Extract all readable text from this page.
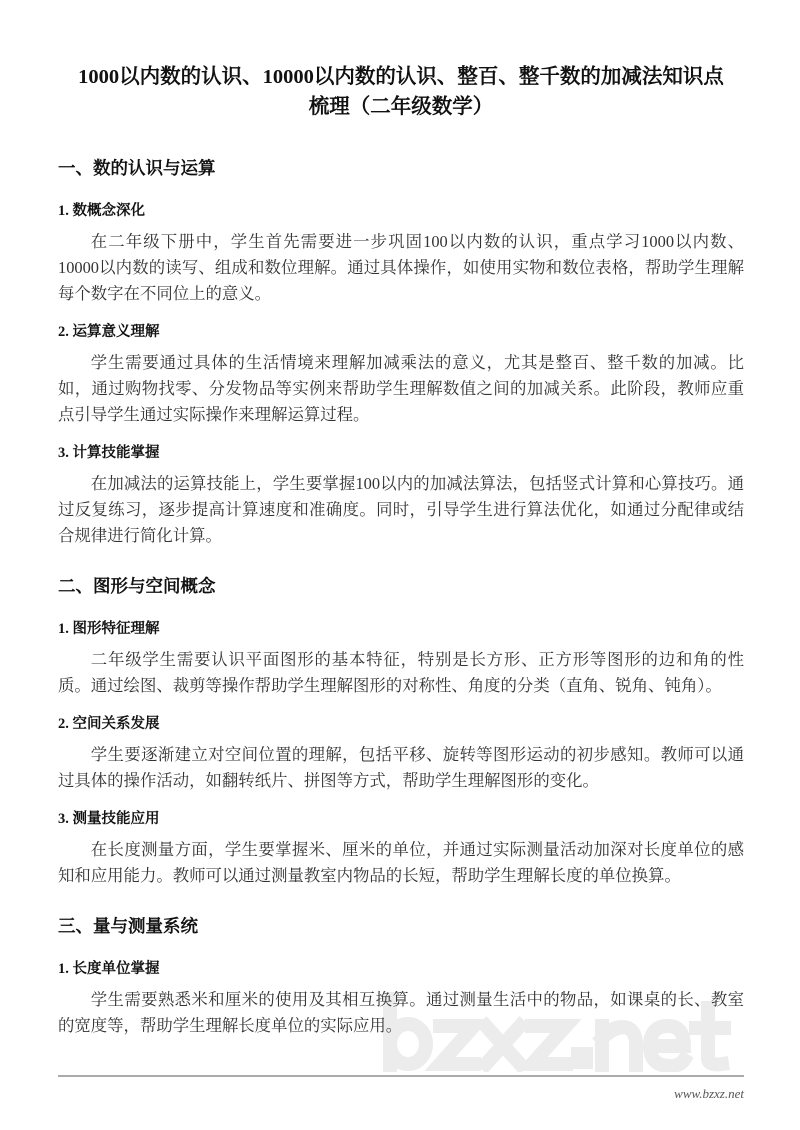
1000以内数的认识、10000以内数的认识、整百、整千数的加减法知识点
梳理（二年级数学）
一、数的认识与运算
1. 数概念深化
在二年级下册中，学生首先需要进一步巩固100以内数的认识，重点学习1000以内数、10000以内数的读写、组成和数位理解。通过具体操作，如使用实物和数位表格，帮助学生理解每个数字在不同位上的意义。
2. 运算意义理解
学生需要通过具体的生活情境来理解加减乘法的意义，尤其是整百、整千数的加减。比如，通过购物找零、分发物品等实例来帮助学生理解数值之间的加减关系。此阶段，教师应重点引导学生通过实际操作来理解运算过程。
3. 计算技能掌握
在加减法的运算技能上，学生要掌握100以内的加减法算法，包括竖式计算和心算技巧。通过反复练习，逐步提高计算速度和准确度。同时，引导学生进行算法优化，如通过分配律或结合规律进行简化计算。
二、图形与空间概念
1. 图形特征理解
二年级学生需要认识平面图形的基本特征，特别是长方形、正方形等图形的边和角的性质。通过绘图、裁剪等操作帮助学生理解图形的对称性、角度的分类（直角、锐角、钝角）。
2. 空间关系发展
学生要逐渐建立对空间位置的理解，包括平移、旋转等图形运动的初步感知。教师可以通过具体的操作活动，如翻转纸片、拼图等方式，帮助学生理解图形的变化。
3. 测量技能应用
在长度测量方面，学生要掌握米、厘米的单位，并通过实际测量活动加深对长度单位的感知和应用能力。教师可以通过测量教室内物品的长短，帮助学生理解长度的单位换算。
三、量与测量系统
1. 长度单位掌握
学生需要熟悉米和厘米的使用及其相互换算。通过测量生活中的物品，如课桌的长、教室的宽度等，帮助学生理解长度单位的实际应用。
www.bzxz.net
